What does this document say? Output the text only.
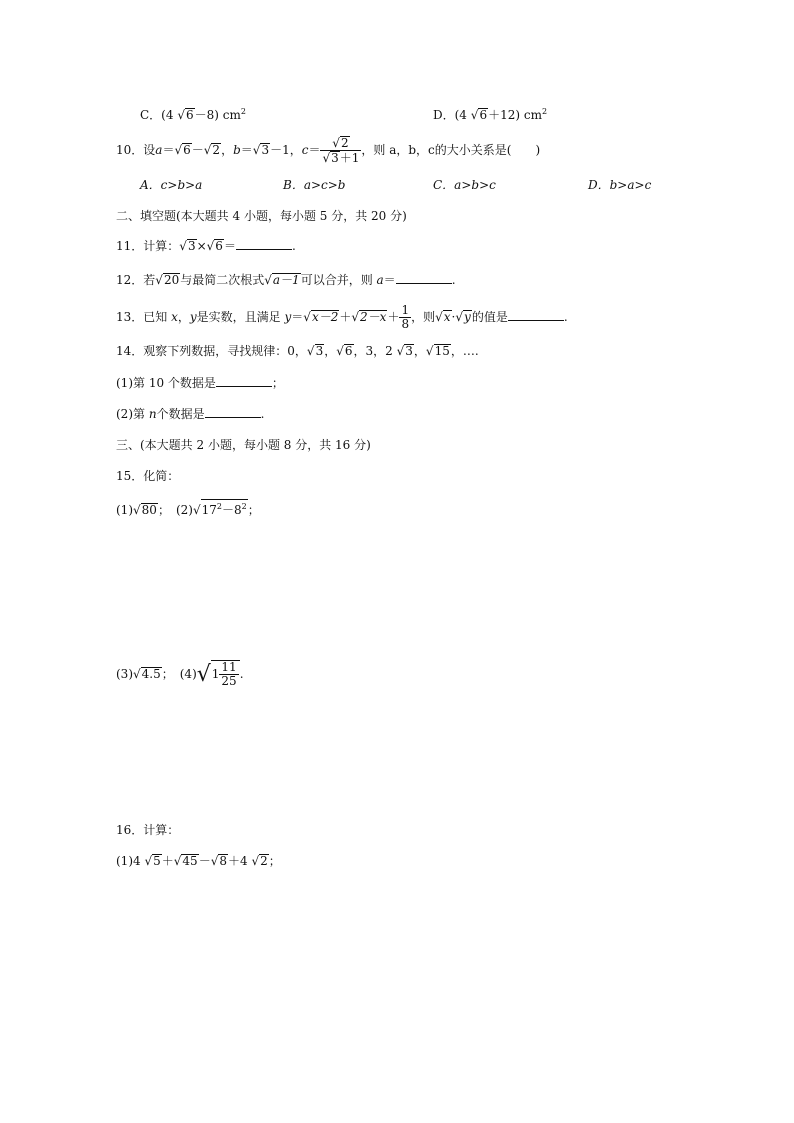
C．(4 √6－8) $cm^2$	D．(4 √6＋12) $cm^2$
10．设a＝√6－√2，b＝√3－1，$c= \frac{√2}{√3+1}$ ，则 a，b，c的大小关系是(　　)
A．c>b>a	B．a>c>b	C．a>b>c	D．b>a>c
二、填空题(本大题共 4 小题，每小题 5 分，共 20 分)
11．计算：√3×√6＝	.
12．若√20与最简二次根式√a－1可以合并，则 a＝	.
13．已知 x，y是实数，且满足 $y=√x-2+√2-x+ \frac{1}{8}$ ，则√x·√y的值是	.
14．观察下列数据，寻找规律：0，√3，√6，3，2 √3，√15，….
(1)第 10 个数据是	；
(2)第 n个数据是	.
三、(本大题共 2 小题，每小题 8 分，共 16 分)
15．化简：
(1)√80；　$(2)√17^2-8^2$；
(3)√4.5；　$(4)√1 \frac{11}{25}$ .
16．计算：
(1)4 √5＋√45－√8＋4 √2；
